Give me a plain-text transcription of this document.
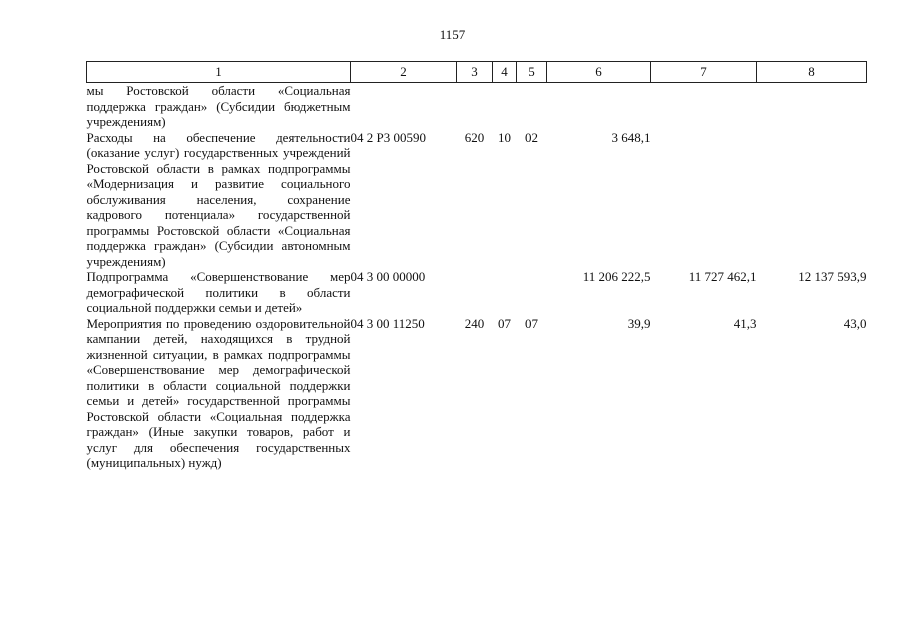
1157
1	2	3	4	5	6	7	8
мы Ростовской области «Социальная поддержка граждан» (Субсидии бюджетным учреждениям)							
Расходы на обеспечение деятельности (оказание услуг) государственных учреждений Ростовской области в рамках подпрограммы «Модернизация и развитие социального обслуживания населения, сохранение кадрового потенциала» государственной программы Ростовской области «Социальная поддержка граждан» (Субсидии автономным учреждениям)	04 2 Р3 00590	620	10	02	3 648,1		
Подпрограмма «Совершенствование мер демографической политики в области социальной поддержки семьи и детей»	04 3 00 00000				11 206 222,5	11 727 462,1	12 137 593,9
Мероприятия по проведению оздоровительной кампании детей, находящихся в трудной жизненной ситуации, в рамках подпрограммы «Совершенствование мер демографической политики в области социальной поддержки семьи и детей» государственной программы Ростовской области «Социальная поддержка граждан» (Иные закупки товаров, работ и услуг для обеспечения государственных (муниципальных) нужд)	04 3 00 11250	240	07	07	39,9	41,3	43,0
